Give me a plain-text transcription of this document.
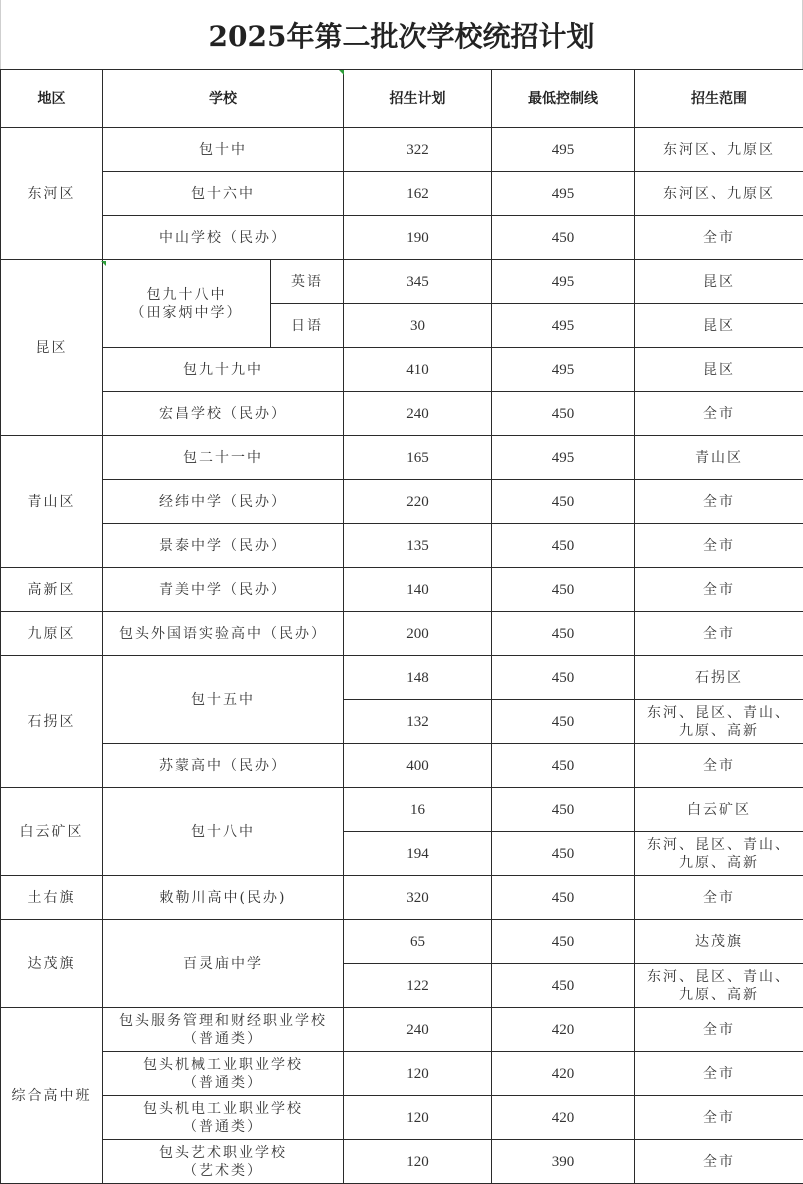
2025年第二批次学校统招计划
地区	学校		招生计划	最低控制线	招生范围
东河区	包十中		322	495	东河区、九原区
	包十六中		162	495	东河区、九原区
	中山学校（民办）		190	450	全市
昆区	包九十八中
（田家炳中学）	英语	345	495	昆区
		日语	30	495	昆区
	包九十九中		410	495	昆区
	宏昌学校（民办）		240	450	全市
青山区	包二十一中		165	495	青山区
	经纬中学（民办）		220	450	全市
	景泰中学（民办）		135	450	全市
高新区	青美中学（民办）		140	450	全市
九原区	包头外国语实验高中（民办）		200	450	全市
石拐区	包十五中		148	450	石拐区
			132	450	东河、昆区、青山、
九原、高新

	苏蒙高中（民办）		400	450	全市
白云矿区	包十八中		16	450	白云矿区
			194	450	东河、昆区、青山、
九原、高新

土右旗	敕勒川高中(民办)		320	450	全市
达茂旗	百灵庙中学		65	450	达茂旗
			122	450	东河、昆区、青山、
九原、高新

综合高中班	包头服务管理和财经职业学校
（普通类）		240	420	全市

	包头机械工业职业学校
（普通类）		120	420	全市

	包头机电工业职业学校
（普通类）		120	420	全市

	包头艺术职业学校
（艺术类）		120	390	全市
